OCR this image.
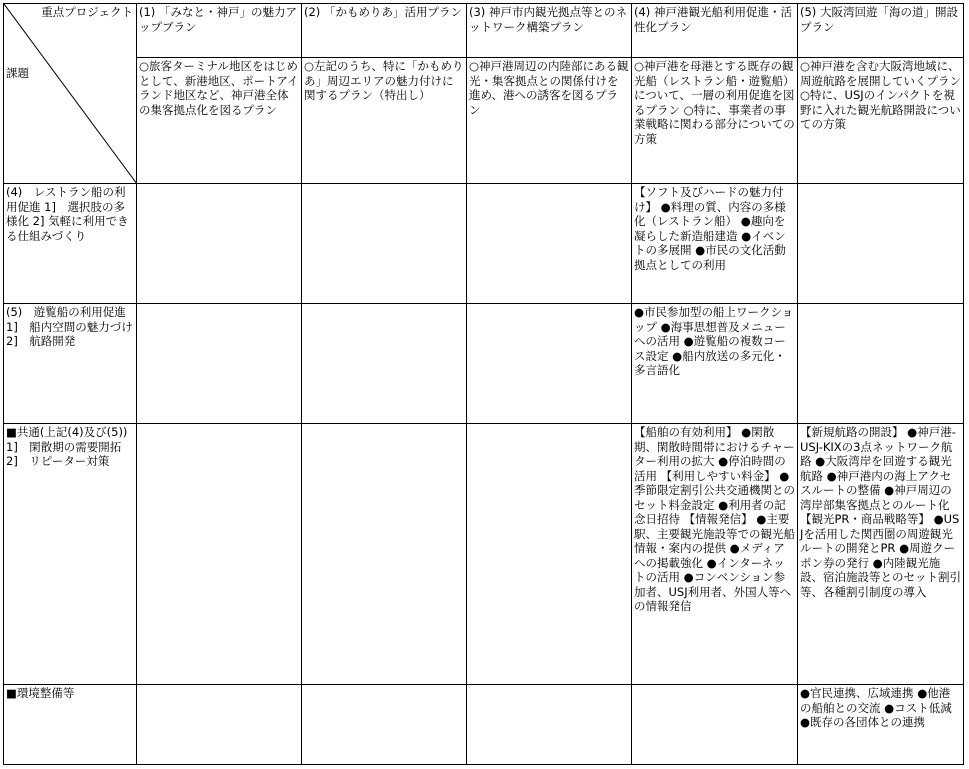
重点プロジェクト
課題	(1) 「みなと・神戸」の魅力アップブラン	(2) 「かもめりあ」活用プラン	(3) 神戸市内観光拠点等とのネットワーク構築プラン	(4) 神戸港観光船利用促進・活性化プラン	(5) 大阪湾回遊「海の道」開設プラン
	○旅客ターミナル地区をはじめとして、新港地区、ポートアイランド地区など、神戸港全体の集客拠点化を図るプラン	○左記のうち、特に「かもめりあ」周辺エリアの魅力付けに関するプラン（特出し）	○神戸港周辺の内陸部にある観光・集客拠点との関係付けを進め、港への誘客を図るプラン	○神戸港を母港とする既存の観光船（レストラン船・遊覧船）について、一層の利用促進を図るプラン ○特に、事業者の事業戦略に関わる部分についての方策	○神戸港を含む大阪湾地域に、周遊航路を展開していくプラン ○特に、USJのインパクトを視野に入れた観光航路開設についての方策
(4)　レストラン船の利用促進 1]　選択肢の多様化 2] 気軽に利用できる仕組みづくり				【ソフト及びハードの魅力付け】 ●料理の質、内容の多様化（レストラン船） ●趣向を凝らした新造船建造 ●イベントの多展開 ●市民の文化活動拠点としての利用	
(5)　遊覧船の利用促進 1]　船内空間の魅力づけ 2]　航路開発				●市民参加型の船上ワークショップ ●海事思想普及メニューへの活用 ●遊覧船の複数コース設定 ●船内放送の多元化・多言語化	
■共通(上記(4)及び(5)) 1]　閑散期の需要開拓 2]　リピーター対策				【船舶の有効利用】 ●閑散期、閑散時間帯におけるチャーター利用の拡大 ●停泊時間の活用 【利用しやすい料金】 ●季節限定割引公共交通機関とのセット料金設定 ●利用者の記念日招待 【情報発信】 ●主要駅、主要観光施設等での観光船情報・案内の提供 ●メディアへの掲載強化 ●インターネットの活用 ●コンベンション参加者、USJ利用者、外国人等への情報発信	【新規航路の開設】 ●神戸港-USJ-KIXの3点ネットワーク航路 ●大阪湾岸を回遊する観光航路 ●神戸港内の海上アクセスルートの整備 ●神戸周辺の湾岸部集客拠点とのルート化 【観光PR・商品戦略等】 ●USJを活用した関西圏の周遊観光ルートの開発とPR ●周遊クーポン券の発行 ●内陸観光施設、宿泊施設等とのセット割引等、各種割引制度の導入
■環境整備等					●官民連携、広域連携 ●他港の船舶との交流 ●コスト低減 ●既存の各団体との連携
